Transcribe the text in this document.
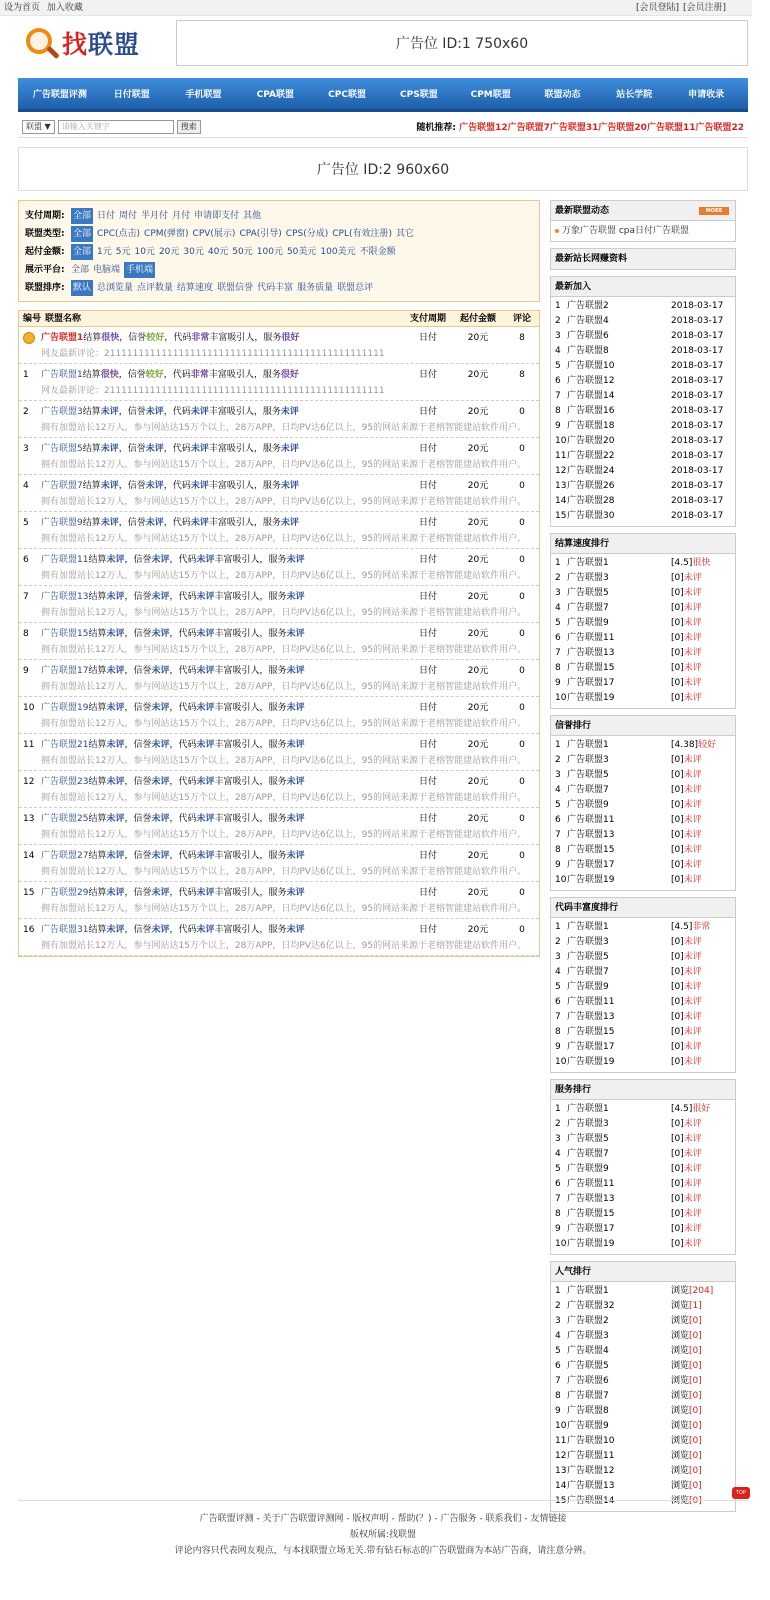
设为首页 加入收藏	[会员登陆] [会员注册]
找联盟	广告位 ID:1 750x60
广告联盟评测	日付联盟	手机联盟	CPA联盟	CPC联盟	CPS联盟	CPM联盟	联盟动态	站长学院	申请收录
联盟 ▼	请输入关键字	搜索	随机推荐: 广告联盟12广告联盟7广告联盟31广告联盟20广告联盟11广告联盟22
广告位 ID:2 960x60
支付周期: 全部 日付 周付 半月付 月付 申请即支付 其他
联盟类型: 全部 CPC(点击) CPM(弹窗) CPV(展示) CPA(引导) CPS(分成) CPL(有效注册) 其它
起付金额: 全部 1元 5元 10元 20元 30元 40元 50元 100元 50美元 100美元 不限金额
展示平台: 全部 电脑端 手机端
联盟排序: 默认 总浏览量 点评数量 结算速度 联盟信誉 代码丰富 服务质量 联盟总评
编号 联盟名称	支付周期	起付金额	评论
广告联盟1结算很快，信誉较好，代码非常丰富吸引人，服务很好	日付	20元	8
网友最新评论：2111111111111111111111111111111111111111111111111
1	广告联盟1结算很快，信誉较好，代码非常丰富吸引人，服务很好	日付	20元	8
网友最新评论：2111111111111111111111111111111111111111111111111
2	广告联盟3结算未评，信誉未评，代码未评丰富吸引人，服务未评	日付	20元	0
拥有加盟站长12万人，参与网站达15万个以上，28万APP，日均PV达6亿以上，95的网站来源于老榕智能建站软件用户。
3	广告联盟5结算未评，信誉未评，代码未评丰富吸引人，服务未评	日付	20元	0
拥有加盟站长12万人，参与网站达15万个以上，28万APP，日均PV达6亿以上，95的网站来源于老榕智能建站软件用户。
4	广告联盟7结算未评，信誉未评，代码未评丰富吸引人，服务未评	日付	20元	0
拥有加盟站长12万人，参与网站达15万个以上，28万APP，日均PV达6亿以上，95的网站来源于老榕智能建站软件用户。
5	广告联盟9结算未评，信誉未评，代码未评丰富吸引人，服务未评	日付	20元	0
拥有加盟站长12万人，参与网站达15万个以上，28万APP，日均PV达6亿以上，95的网站来源于老榕智能建站软件用户。
6	广告联盟11结算未评，信誉未评，代码未评丰富吸引人，服务未评	日付	20元	0
拥有加盟站长12万人，参与网站达15万个以上，28万APP，日均PV达6亿以上，95的网站来源于老榕智能建站软件用户。
7	广告联盟13结算未评，信誉未评，代码未评丰富吸引人，服务未评	日付	20元	0
拥有加盟站长12万人，参与网站达15万个以上，28万APP，日均PV达6亿以上，95的网站来源于老榕智能建站软件用户。
8	广告联盟15结算未评，信誉未评，代码未评丰富吸引人，服务未评	日付	20元	0
拥有加盟站长12万人，参与网站达15万个以上，28万APP，日均PV达6亿以上，95的网站来源于老榕智能建站软件用户。
9	广告联盟17结算未评，信誉未评，代码未评丰富吸引人，服务未评	日付	20元	0
拥有加盟站长12万人，参与网站达15万个以上，28万APP，日均PV达6亿以上，95的网站来源于老榕智能建站软件用户。
10 广告联盟19结算未评，信誉未评，代码未评丰富吸引人，服务未评	日付	20元	0
拥有加盟站长12万人，参与网站达15万个以上，28万APP，日均PV达6亿以上，95的网站来源于老榕智能建站软件用户。
11 广告联盟21结算未评，信誉未评，代码未评丰富吸引人，服务未评	日付	20元	0
拥有加盟站长12万人，参与网站达15万个以上，28万APP，日均PV达6亿以上，95的网站来源于老榕智能建站软件用户。
12 广告联盟23结算未评，信誉未评，代码未评丰富吸引人，服务未评	日付	20元	0
拥有加盟站长12万人，参与网站达15万个以上，28万APP，日均PV达6亿以上，95的网站来源于老榕智能建站软件用户。
13 广告联盟25结算未评，信誉未评，代码未评丰富吸引人，服务未评	日付	20元	0
拥有加盟站长12万人，参与网站达15万个以上，28万APP，日均PV达6亿以上，95的网站来源于老榕智能建站软件用户。
14 广告联盟27结算未评，信誉未评，代码未评丰富吸引人，服务未评	日付	20元	0
拥有加盟站长12万人，参与网站达15万个以上，28万APP，日均PV达6亿以上，95的网站来源于老榕智能建站软件用户。
15 广告联盟29结算未评，信誉未评，代码未评丰富吸引人，服务未评	日付	20元	0
拥有加盟站长12万人，参与网站达15万个以上，28万APP，日均PV达6亿以上，95的网站来源于老榕智能建站软件用户。
16 广告联盟31结算未评，信誉未评，代码未评丰富吸引人，服务未评	日付	20元	0
拥有加盟站长12万人，参与网站达15万个以上，28万APP，日均PV达6亿以上，95的网站来源于老榕智能建站软件用户。
最新联盟动态	MORE
万象广告联盟 cpa日付广告联盟
最新站长网赚资料
最新加入
1 广告联盟2	2018-03-17
2 广告联盟4	2018-03-17
3 广告联盟6	2018-03-17
4 广告联盟8	2018-03-17
5 广告联盟10	2018-03-17
6 广告联盟12	2018-03-17
7 广告联盟14	2018-03-17
8 广告联盟16	2018-03-17
9 广告联盟18	2018-03-17
10 广告联盟20	2018-03-17
11 广告联盟22	2018-03-17
12 广告联盟24	2018-03-17
13 广告联盟26	2018-03-17
14 广告联盟28	2018-03-17
15 广告联盟30	2018-03-17
结算速度排行
1 广告联盟1	[4.5]很快
2 广告联盟3	[0]未评
3 广告联盟5	[0]未评
4 广告联盟7	[0]未评
5 广告联盟9	[0]未评
6 广告联盟11	[0]未评
7 广告联盟13	[0]未评
8 广告联盟15	[0]未评
9 广告联盟17	[0]未评
10 广告联盟19	[0]未评
信誉排行
1 广告联盟1	[4.38]较好
2 广告联盟3	[0]未评
3 广告联盟5	[0]未评
4 广告联盟7	[0]未评
5 广告联盟9	[0]未评
6 广告联盟11	[0]未评
7 广告联盟13	[0]未评
8 广告联盟15	[0]未评
9 广告联盟17	[0]未评
10 广告联盟19	[0]未评
代码丰富度排行
1 广告联盟1	[4.5]非常
2 广告联盟3	[0]未评
3 广告联盟5	[0]未评
4 广告联盟7	[0]未评
5 广告联盟9	[0]未评
6 广告联盟11	[0]未评
7 广告联盟13	[0]未评
8 广告联盟15	[0]未评
9 广告联盟17	[0]未评
10 广告联盟19	[0]未评
服务排行
1 广告联盟1	[4.5]很好
2 广告联盟3	[0]未评
3 广告联盟5	[0]未评
4 广告联盟7	[0]未评
5 广告联盟9	[0]未评
6 广告联盟11	[0]未评
7 广告联盟13	[0]未评
8 广告联盟15	[0]未评
9 广告联盟17	[0]未评
10 广告联盟19	[0]未评
人气排行
1 广告联盟1	浏览[204]
2 广告联盟32	浏览[1]
3 广告联盟2	浏览[0]
4 广告联盟3	浏览[0]
5 广告联盟4	浏览[0]
6 广告联盟5	浏览[0]
7 广告联盟6	浏览[0]
8 广告联盟7	浏览[0]
9 广告联盟8	浏览[0]
10 广告联盟9	浏览[0]
11 广告联盟10	浏览[0]
12 广告联盟11	浏览[0]
13 广告联盟12	浏览[0]
14 广告联盟13	浏览[0]
15 广告联盟14	浏览[0]
TOP
广告联盟评测 - 关于广告联盟评测网 - 版权声明 - 帮助(？) - 广告服务 - 联系我们 - 友情链接
版权所属:找联盟
评论内容只代表网友观点，与本找联盟立场无关.带有钻石标志的广告联盟商为本站广告商，请注意分辨。
